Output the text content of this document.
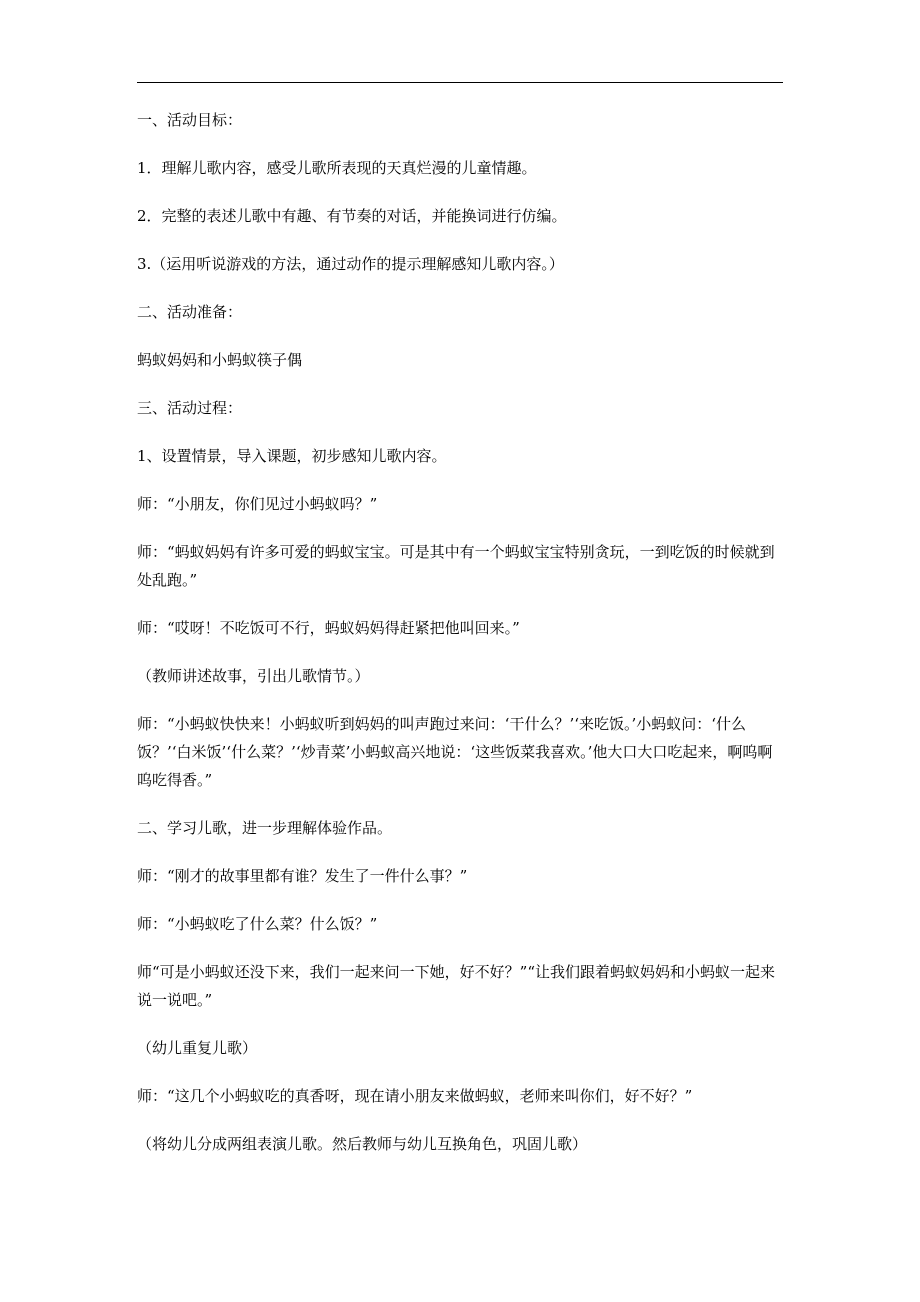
一、活动目标：

1．理解儿歌内容，感受儿歌所表现的天真烂漫的儿童情趣。

2．完整的表述儿歌中有趣、有节奏的对话，并能换词进行仿编。

3.（运用听说游戏的方法，通过动作的提示理解感知儿歌内容。）

二、活动准备：

蚂蚁妈妈和小蚂蚁筷子偶

三、活动过程：

1、设置情景，导入课题，初步感知儿歌内容。

师：“小朋友，你们见过小蚂蚁吗？”

师：“蚂蚁妈妈有许多可爱的蚂蚁宝宝。可是其中有一个蚂蚁宝宝特别贪玩，一到吃饭的时候就到处乱跑。”

师：“哎呀！不吃饭可不行，蚂蚁妈妈得赶紧把他叫回来。”

（教师讲述故事，引出儿歌情节。）

师：“小蚂蚁快快来！小蚂蚁听到妈妈的叫声跑过来问：‘干什么？’‘来吃饭。’小蚂蚁问：‘什么饭？’‘白米饭’‘什么菜？’‘炒青菜’小蚂蚁高兴地说：‘这些饭菜我喜欢。’他大口大口吃起来，啊呜啊呜吃得香。”

二、学习儿歌，进一步理解体验作品。

师：“刚才的故事里都有谁？发生了一件什么事？”

师：“小蚂蚁吃了什么菜？什么饭？”

师“可是小蚂蚁还没下来，我们一起来问一下她，好不好？”“让我们跟着蚂蚁妈妈和小蚂蚁一起来说一说吧。”

（幼儿重复儿歌）

师：“这几个小蚂蚁吃的真香呀，现在请小朋友来做蚂蚁，老师来叫你们，好不好？”

（将幼儿分成两组表演儿歌。然后教师与幼儿互换角色，巩固儿歌）
